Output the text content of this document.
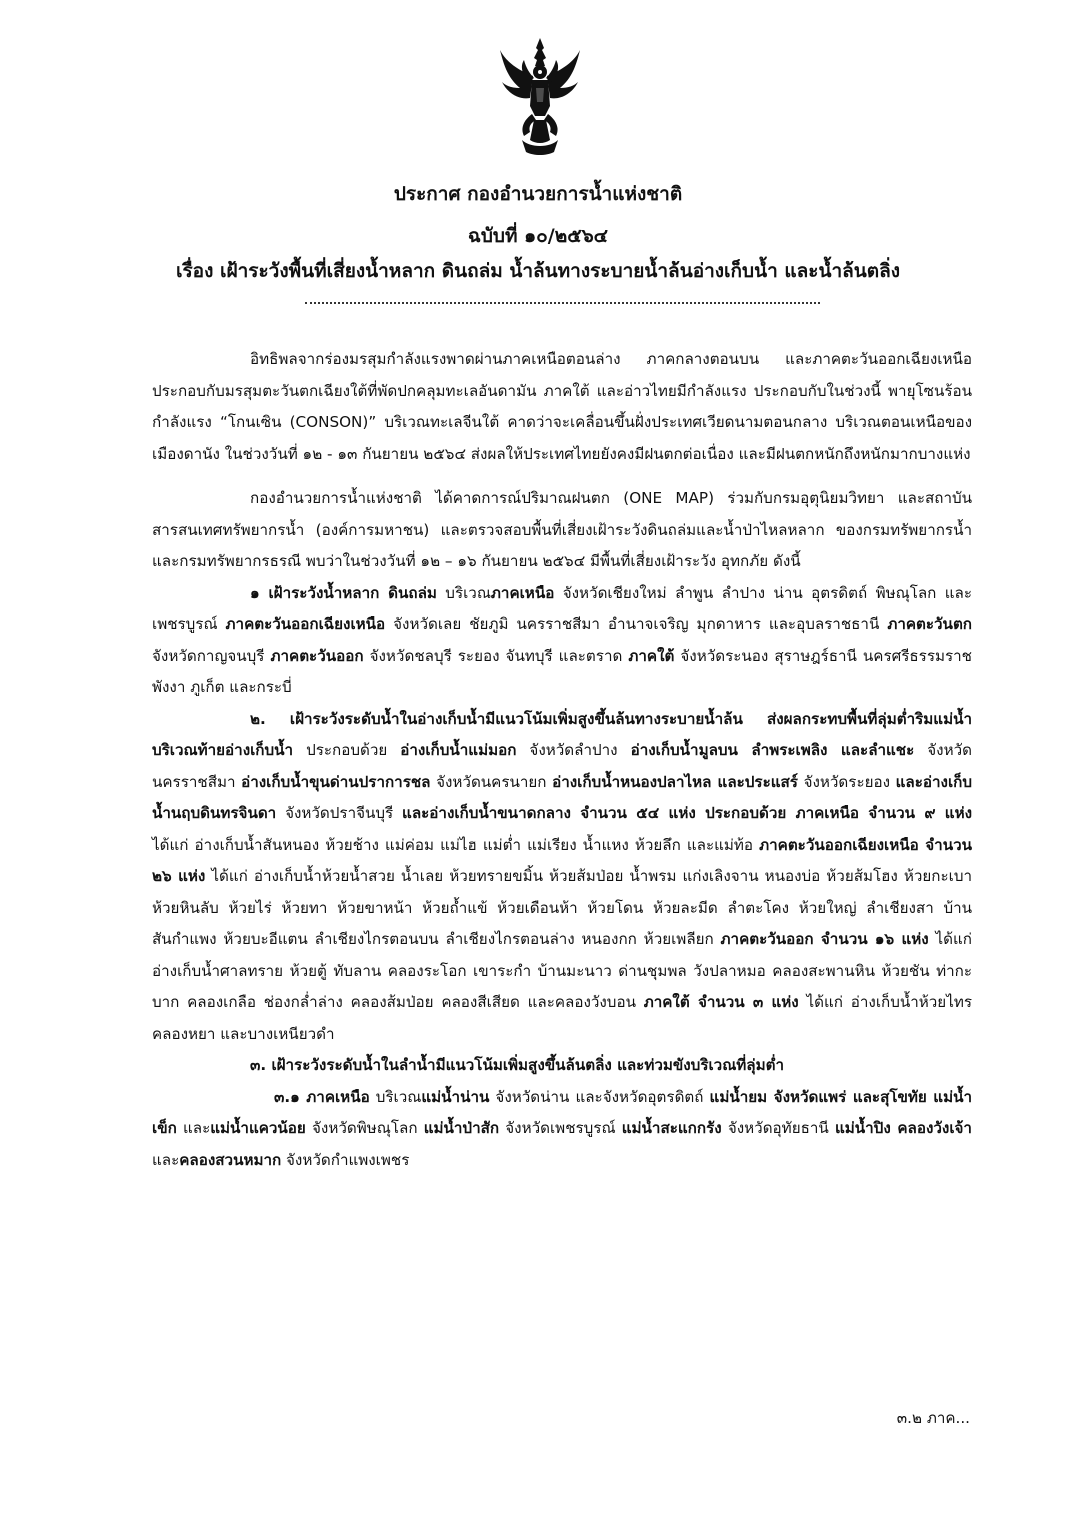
ประกาศ กองอำนวยการน้ำแห่งชาติ
ฉบับที่ ๑๐/๒๕๖๔
เรื่อง เฝ้าระวังพื้นที่เสี่ยงน้ำหลาก ดินถล่ม น้ำล้นทางระบายน้ำล้นอ่างเก็บน้ำ และน้ำล้นตลิ่ง

อิทธิพลจากร่องมรสุมกำลังแรงพาดผ่านภาคเหนือตอนล่าง ภาคกลางตอนบน และภาคตะวันออกเฉียงเหนือ ประกอบกับมรสุมตะวันตกเฉียงใต้ที่พัดปกคลุมทะเลอันดามัน ภาคใต้ และอ่าวไทยมีกำลังแรง ประกอบกับในช่วงนี้ พายุโซนร้อนกำลังแรง “โกนเซิน (CONSON)” บริเวณทะเลจีนใต้ คาดว่าจะเคลื่อนขึ้นฝั่งประเทศเวียดนามตอนกลาง บริเวณตอนเหนือของเมืองดานัง ในช่วงวันที่ ๑๒ - ๑๓ กันยายน ๒๕๖๔ ส่งผลให้ประเทศไทยยังคงมีฝนตกต่อเนื่อง และมีฝนตกหนักถึงหนักมากบางแห่ง

กองอำนวยการน้ำแห่งชาติ ได้คาดการณ์ปริมาณฝนตก (ONE MAP) ร่วมกับกรมอุตุนิยมวิทยา และสถาบันสารสนเทศทรัพยากรน้ำ (องค์การมหาชน) และตรวจสอบพื้นที่เสี่ยงเฝ้าระวังดินถล่มและน้ำป่าไหลหลาก ของกรมทรัพยากรน้ำ และกรมทรัพยากรธรณี พบว่าในช่วงวันที่ ๑๒ – ๑๖ กันยายน ๒๕๖๔ มีพื้นที่เสี่ยงเฝ้าระวัง อุทกภัย ดังนี้

๑ เฝ้าระวังน้ำหลาก ดินถล่ม บริเวณภาคเหนือ จังหวัดเชียงใหม่ ลำพูน ลำปาง น่าน อุตรดิตถ์ พิษณุโลก และเพชรบูรณ์ ภาคตะวันออกเฉียงเหนือ จังหวัดเลย ชัยภูมิ นครราชสีมา อำนาจเจริญ มุกดาหาร และอุบลราชธานี ภาคตะวันตก จังหวัดกาญจนบุรี ภาคตะวันออก จังหวัดชลบุรี ระยอง จันทบุรี และตราด ภาคใต้ จังหวัดระนอง สุราษฎร์ธานี นครศรีธรรมราช พังงา ภูเก็ต และกระบี่

๒. เฝ้าระวังระดับน้ำในอ่างเก็บน้ำมีแนวโน้มเพิ่มสูงขึ้นล้นทางระบายน้ำล้น ส่งผลกระทบพื้นที่ลุ่มต่ำริมแม่น้ำบริเวณท้ายอ่างเก็บน้ำ ประกอบด้วย อ่างเก็บน้ำแม่มอก จังหวัดลำปาง อ่างเก็บน้ำมูลบน ลำพระเพลิง และลำแชะ จังหวัดนครราชสีมา อ่างเก็บน้ำขุนด่านปราการชล จังหวัดนครนายก อ่างเก็บน้ำหนองปลาไหล และประแสร์ จังหวัดระยอง และอ่างเก็บน้ำนฤบดินทรจินดา จังหวัดปราจีนบุรี และอ่างเก็บน้ำขนาดกลาง จำนวน ๕๔ แห่ง ประกอบด้วย ภาคเหนือ จำนวน ๙ แห่ง ได้แก่ อ่างเก็บน้ำสันหนอง ห้วยช้าง แม่ค่อม แม่ไฮ แม่ต่ำ แม่เรียง น้ำแหง ห้วยลึก และแม่ท้อ ภาคตะวันออกเฉียงเหนือ จำนวน ๒๖ แห่ง ได้แก่ อ่างเก็บน้ำห้วยน้ำสวย น้ำเลย ห้วยทรายขมิ้น ห้วยส้มป่อย น้ำพรม แก่งเลิงจาน หนองบ่อ ห้วยส้มโฮง ห้วยกะเบา ห้วยหินลับ ห้วยไร่ ห้วยทา ห้วยขาหน้า ห้วยถ้ำแข้ ห้วยเดือนห้า ห้วยโดน ห้วยละมีด ลำตะโคง ห้วยใหญ่ ลำเชียงสา บ้านสันกำแพง ห้วยบะอีแตน ลำเชียงไกรตอนบน ลำเชียงไกรตอนล่าง หนองกก ห้วยเพลียก ภาคตะวันออก จำนวน ๑๖ แห่ง ได้แก่ อ่างเก็บน้ำศาลทราย ห้วยตู้ ทับลาน คลองระโอก เขาระกำ บ้านมะนาว ด่านชุมพล วังปลาหมอ คลองสะพานหิน ห้วยชัน ท่ากะบาก คลองเกลือ ช่องกล่ำล่าง คลองส้มป่อย คลองสีเสียด และคลองวังบอน ภาคใต้ จำนวน ๓ แห่ง ได้แก่ อ่างเก็บน้ำห้วยไทร คลองหยา และบางเหนียวดำ

๓. เฝ้าระวังระดับน้ำในลำน้ำมีแนวโน้มเพิ่มสูงขึ้นล้นตลิ่ง และท่วมขังบริเวณที่ลุ่มต่ำ

๓.๑ ภาคเหนือ บริเวณแม่น้ำน่าน จังหวัดน่าน และจังหวัดอุตรดิตถ์ แม่น้ำยม จังหวัดแพร่ และสุโขทัย แม่น้ำเข็ก และแม่น้ำแควน้อย จังหวัดพิษณุโลก แม่น้ำป่าสัก จังหวัดเพชรบูรณ์ แม่น้ำสะแกกรัง จังหวัดอุทัยธานี แม่น้ำปิง คลองวังเจ้า และคลองสวนหมาก จังหวัดกำแพงเพชร

๓.๒ ภาค...
